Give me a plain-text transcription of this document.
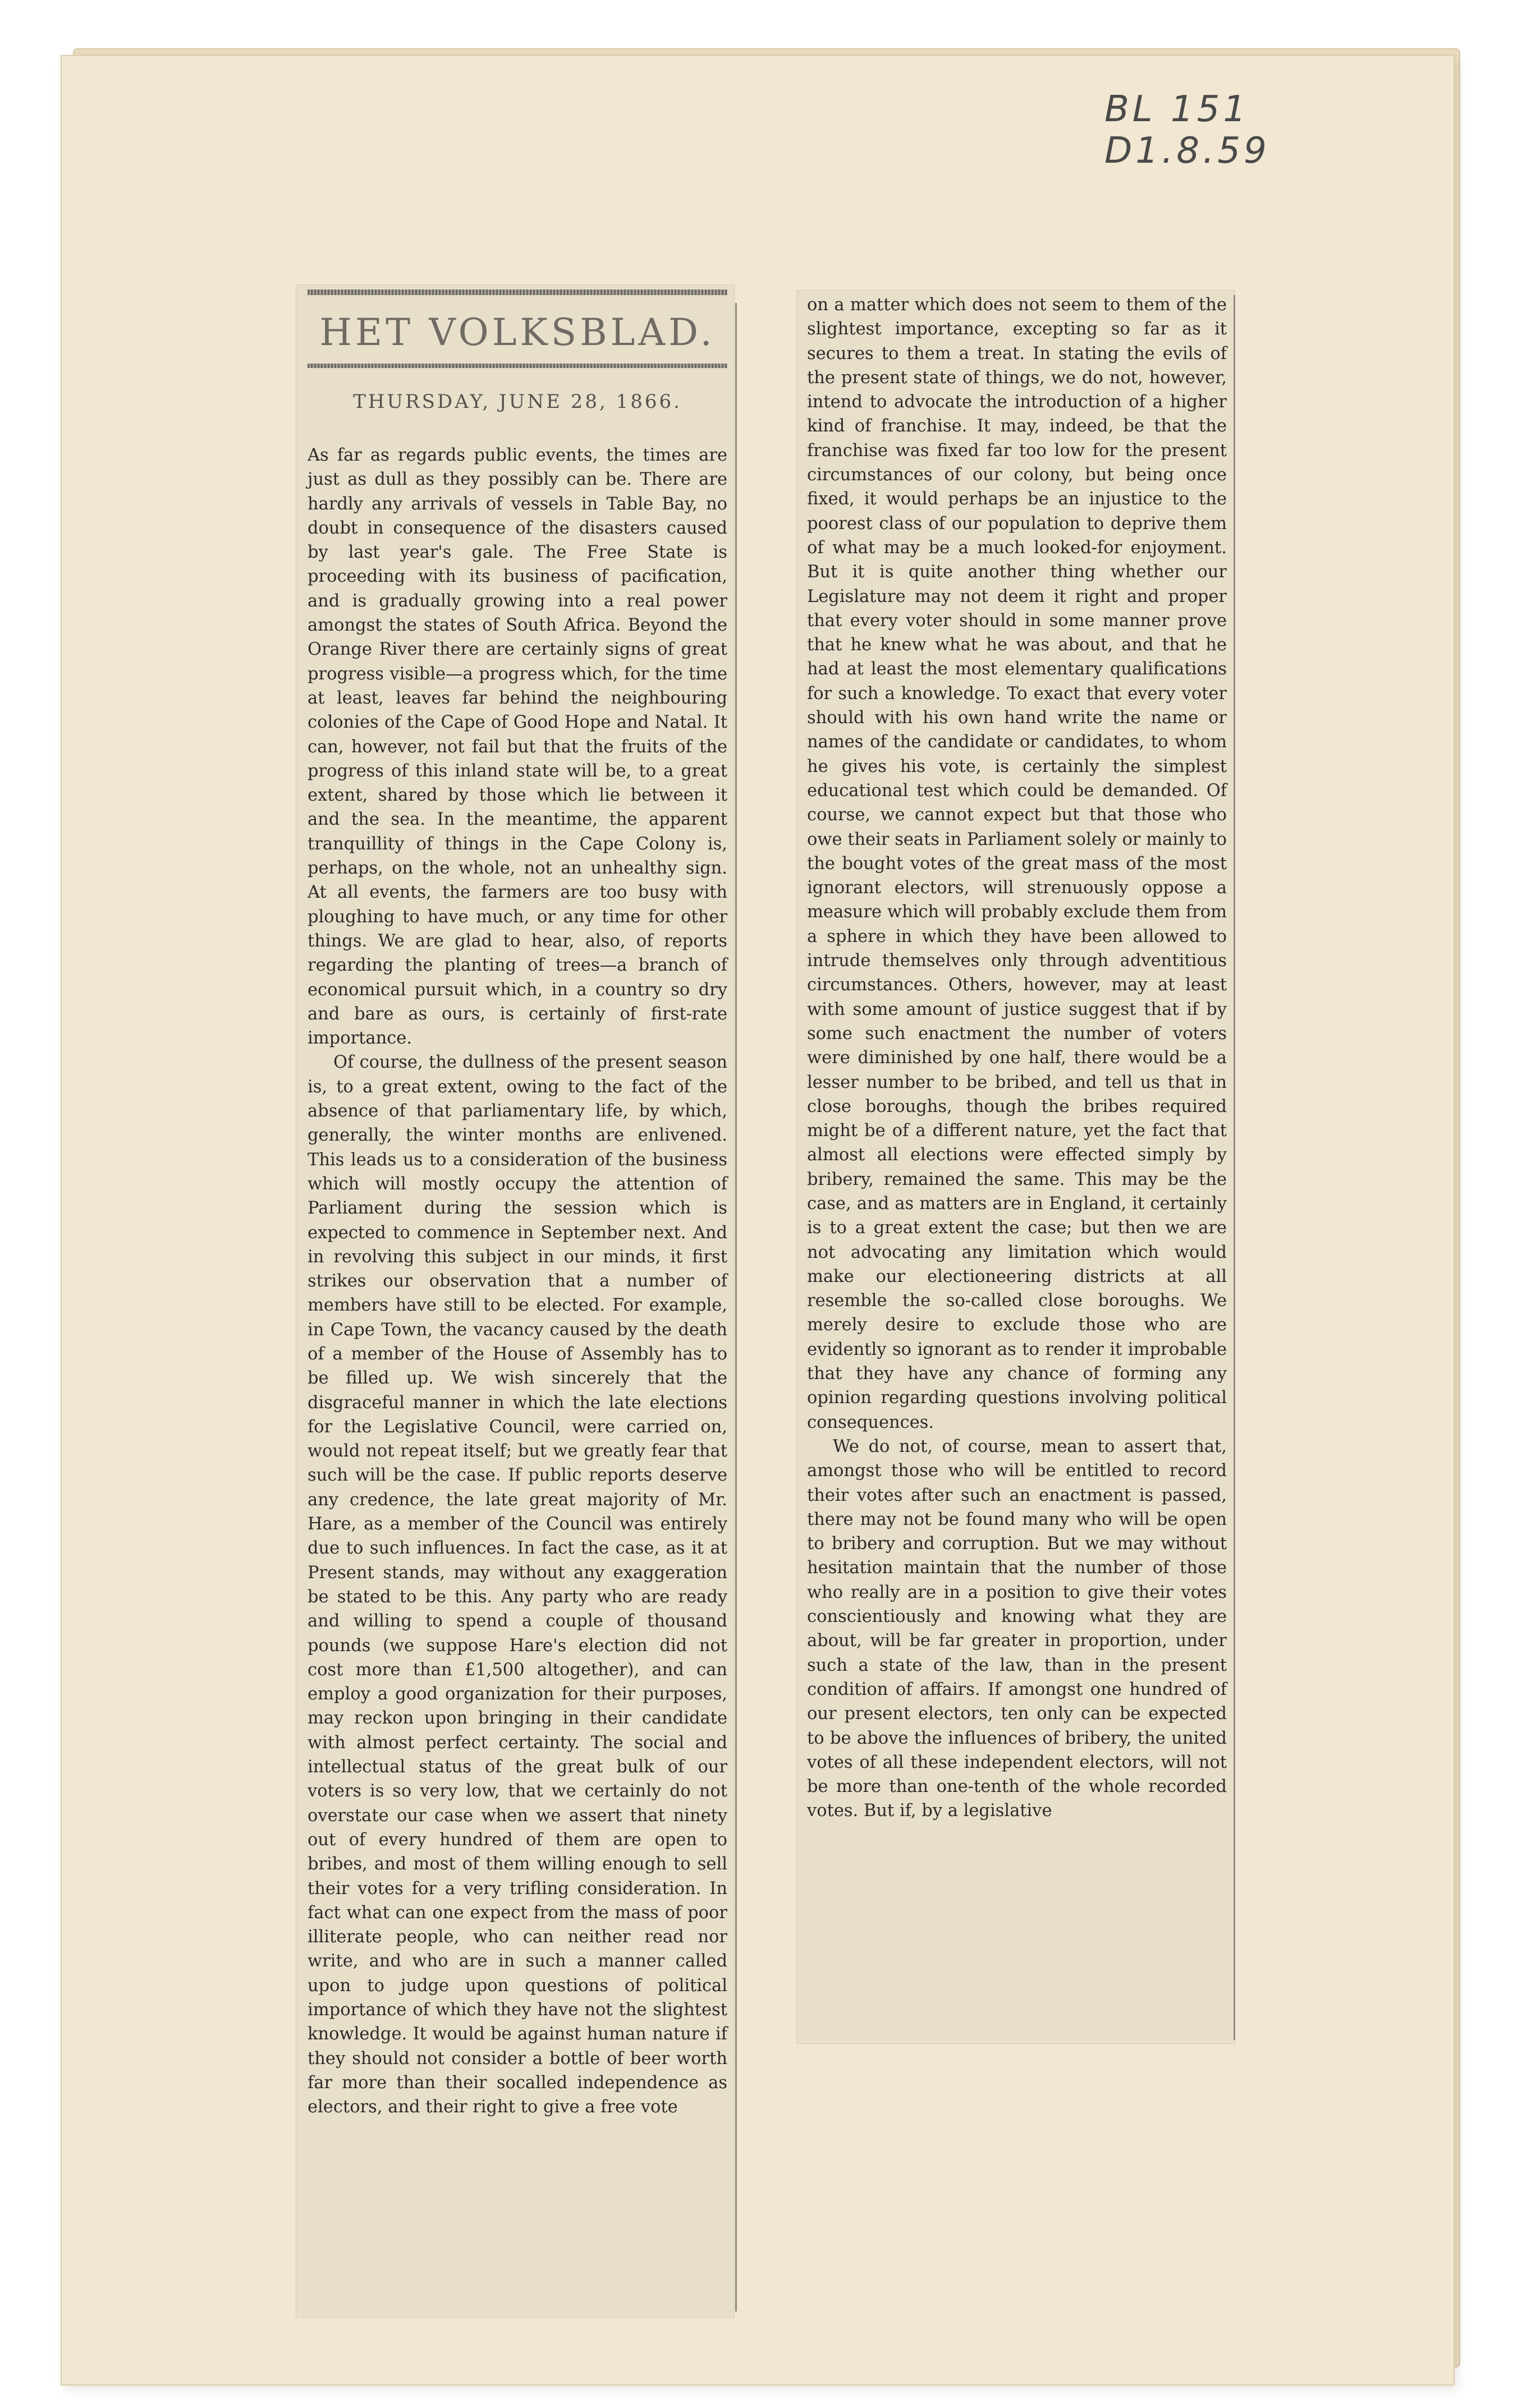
BL 151 D1.8.59
HET VOLKSBLAD.
THURSDAY, JUNE 28, 1866.

As far as regards public events, the times are just as dull as they possibly can be. There are hardly any arrivals of vessels in Table Bay, no doubt in consequence of the disasters caused by last year's gale. The Free State is proceeding with its business of pacification, and is gradually growing into a real power amongst the states of South Africa. Beyond the Orange River there are certainly signs of great progress visible—a progress which, for the time at least, leaves far behind the neighbouring colonies of the Cape of Good Hope and Natal. It can, however, not fail but that the fruits of the progress of this inland state will be, to a great extent, shared by those which lie between it and the sea. In the meantime, the apparent tranquillity of things in the Cape Colony is, perhaps, on the whole, not an unhealthy sign. At all events, the farmers are too busy with ploughing to have much, or any time for other things. We are glad to hear, also, of reports regarding the planting of trees—a branch of economical pursuit which, in a country so dry and bare as ours, is certainly of first-rate importance.

Of course, the dullness of the present season is, to a great extent, owing to the fact of the absence of that parliamentary life, by which, generally, the winter months are enlivened. This leads us to a consideration of the business which will mostly occupy the attention of Parliament during the session which is expected to commence in September next. And in revolving this subject in our minds, it first strikes our observation that a number of members have still to be elected. For example, in Cape Town, the vacancy caused by the death of a member of the House of Assembly has to be filled up. We wish sincerely that the disgraceful manner in which the late elections for the Legislative Council, were carried on, would not repeat itself; but we greatly fear that such will be the case. If public reports deserve any credence, the late great majority of Mr. Hare, as a member of the Council was entirely due to such influences. In fact the case, as it at Present stands, may without any exaggeration be stated to be this. Any party who are ready and willing to spend a couple of thousand pounds (we suppose Hare's election did not cost more than £1,500 altogether), and can employ a good organization for their purposes, may reckon upon bringing in their candidate with almost perfect certainty. The social and intellectual status of the great bulk of our voters is so very low, that we certainly do not overstate our case when we assert that ninety out of every hundred of them are open to bribes, and most of them willing enough to sell their votes for a very trifling consideration. In fact what can one expect from the mass of poor illiterate people, who can neither read nor write, and who are in such a manner called upon to judge upon questions of political importance of which they have not the slightest knowledge. It would be against human nature if they should not consider a bottle of beer worth far more than their socalled independence as electors, and their right to give a free vote

on a matter which does not seem to them of the slightest importance, excepting so far as it secures to them a treat. In stating the evils of the present state of things, we do not, however, intend to advocate the introduction of a higher kind of franchise. It may, indeed, be that the franchise was fixed far too low for the present circumstances of our colony, but being once fixed, it would perhaps be an injustice to the poorest class of our population to deprive them of what may be a much looked-for enjoyment. But it is quite another thing whether our Legislature may not deem it right and proper that every voter should in some manner prove that he knew what he was about, and that he had at least the most elementary qualifications for such a knowledge. To exact that every voter should with his own hand write the name or names of the candidate or candidates, to whom he gives his vote, is certainly the simplest educational test which could be demanded. Of course, we cannot expect but that those who owe their seats in Parliament solely or mainly to the bought votes of the great mass of the most ignorant electors, will strenuously oppose a measure which will probably exclude them from a sphere in which they have been allowed to intrude themselves only through adventitious circumstances. Others, however, may at least with some amount of justice suggest that if by some such enactment the number of voters were diminished by one half, there would be a lesser number to be bribed, and tell us that in close boroughs, though the bribes required might be of a different nature, yet the fact that almost all elections were effected simply by bribery, remained the same. This may be the case, and as matters are in England, it certainly is to a great extent the case; but then we are not advocating any limitation which would make our electioneering districts at all resemble the so-called close boroughs. We merely desire to exclude those who are evidently so ignorant as to render it improbable that they have any chance of forming any opinion regarding questions involving political consequences.

We do not, of course, mean to assert that, amongst those who will be entitled to record their votes after such an enactment is passed, there may not be found many who will be open to bribery and corruption. But we may without hesitation maintain that the number of those who really are in a position to give their votes conscientiously and knowing what they are about, will be far greater in proportion, under such a state of the law, than in the present condition of affairs. If amongst one hundred of our present electors, ten only can be expected to be above the influences of bribery, the united votes of all these independent electors, will not be more than one-tenth of the whole recorded votes. But if, by a legislative
